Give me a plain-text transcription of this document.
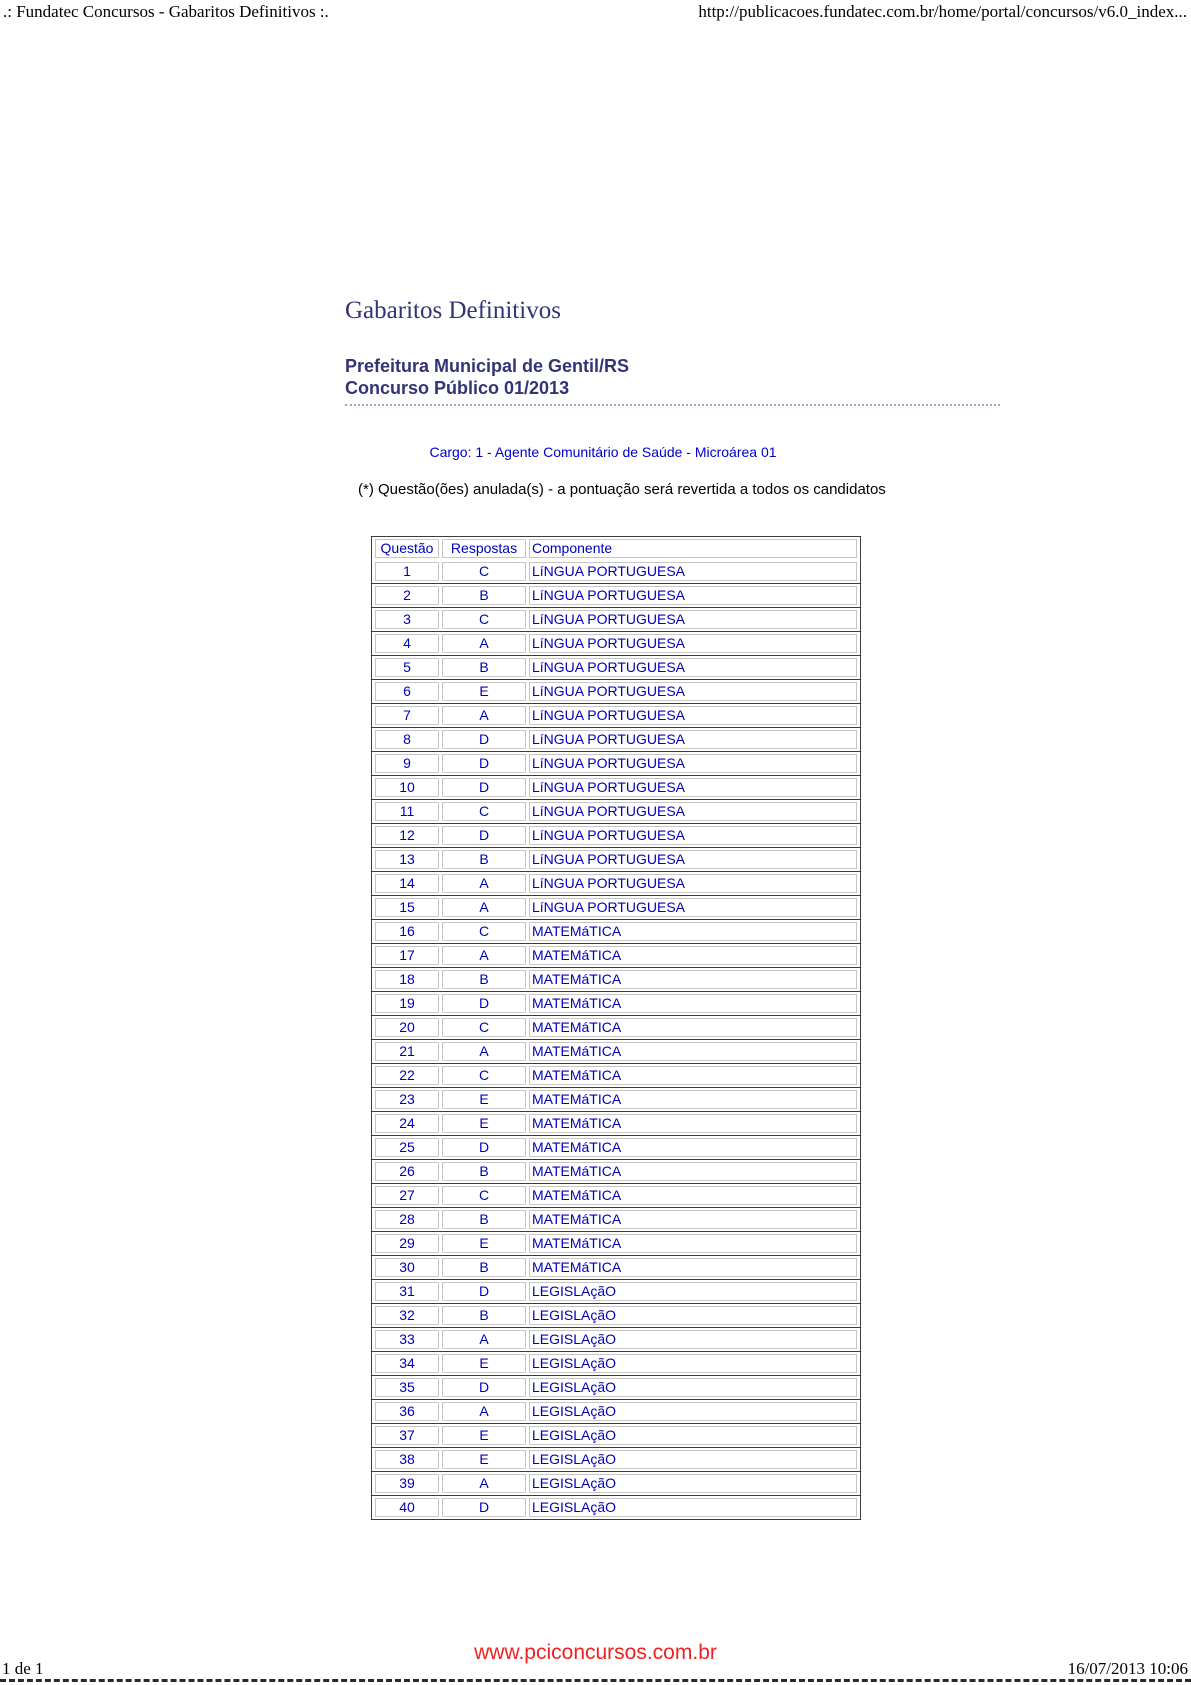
.: Fundatec Concursos - Gabaritos Definitivos :.	http://publicacoes.fundatec.com.br/home/portal/concursos/v6.0_index...
Gabaritos Definitivos
Prefeitura Municipal de Gentil/RS
Concurso Público 01/2013
Cargo: 1 - Agente Comunitário de Saúde - Microárea 01
(*) Questão(ões) anulada(s) - a pontuação será revertida a todos os candidatos
Questão	Respostas	Componente
1	C	LíNGUA PORTUGUESA
2	B	LíNGUA PORTUGUESA
3	C	LíNGUA PORTUGUESA
4	A	LíNGUA PORTUGUESA
5	B	LíNGUA PORTUGUESA
6	E	LíNGUA PORTUGUESA
7	A	LíNGUA PORTUGUESA
8	D	LíNGUA PORTUGUESA
9	D	LíNGUA PORTUGUESA
10	D	LíNGUA PORTUGUESA
11	C	LíNGUA PORTUGUESA
12	D	LíNGUA PORTUGUESA
13	B	LíNGUA PORTUGUESA
14	A	LíNGUA PORTUGUESA
15	A	LíNGUA PORTUGUESA
16	C	MATEMáTICA
17	A	MATEMáTICA
18	B	MATEMáTICA
19	D	MATEMáTICA
20	C	MATEMáTICA
21	A	MATEMáTICA
22	C	MATEMáTICA
23	E	MATEMáTICA
24	E	MATEMáTICA
25	D	MATEMáTICA
26	B	MATEMáTICA
27	C	MATEMáTICA
28	B	MATEMáTICA
29	E	MATEMáTICA
30	B	MATEMáTICA
31	D	LEGISLAçãO
32	B	LEGISLAçãO
33	A	LEGISLAçãO
34	E	LEGISLAçãO
35	D	LEGISLAçãO
36	A	LEGISLAçãO
37	E	LEGISLAçãO
38	E	LEGISLAçãO
39	A	LEGISLAçãO
40	D	LEGISLAçãO
www.pciconcursos.com.br
1 de 1	16/07/2013 10:06
